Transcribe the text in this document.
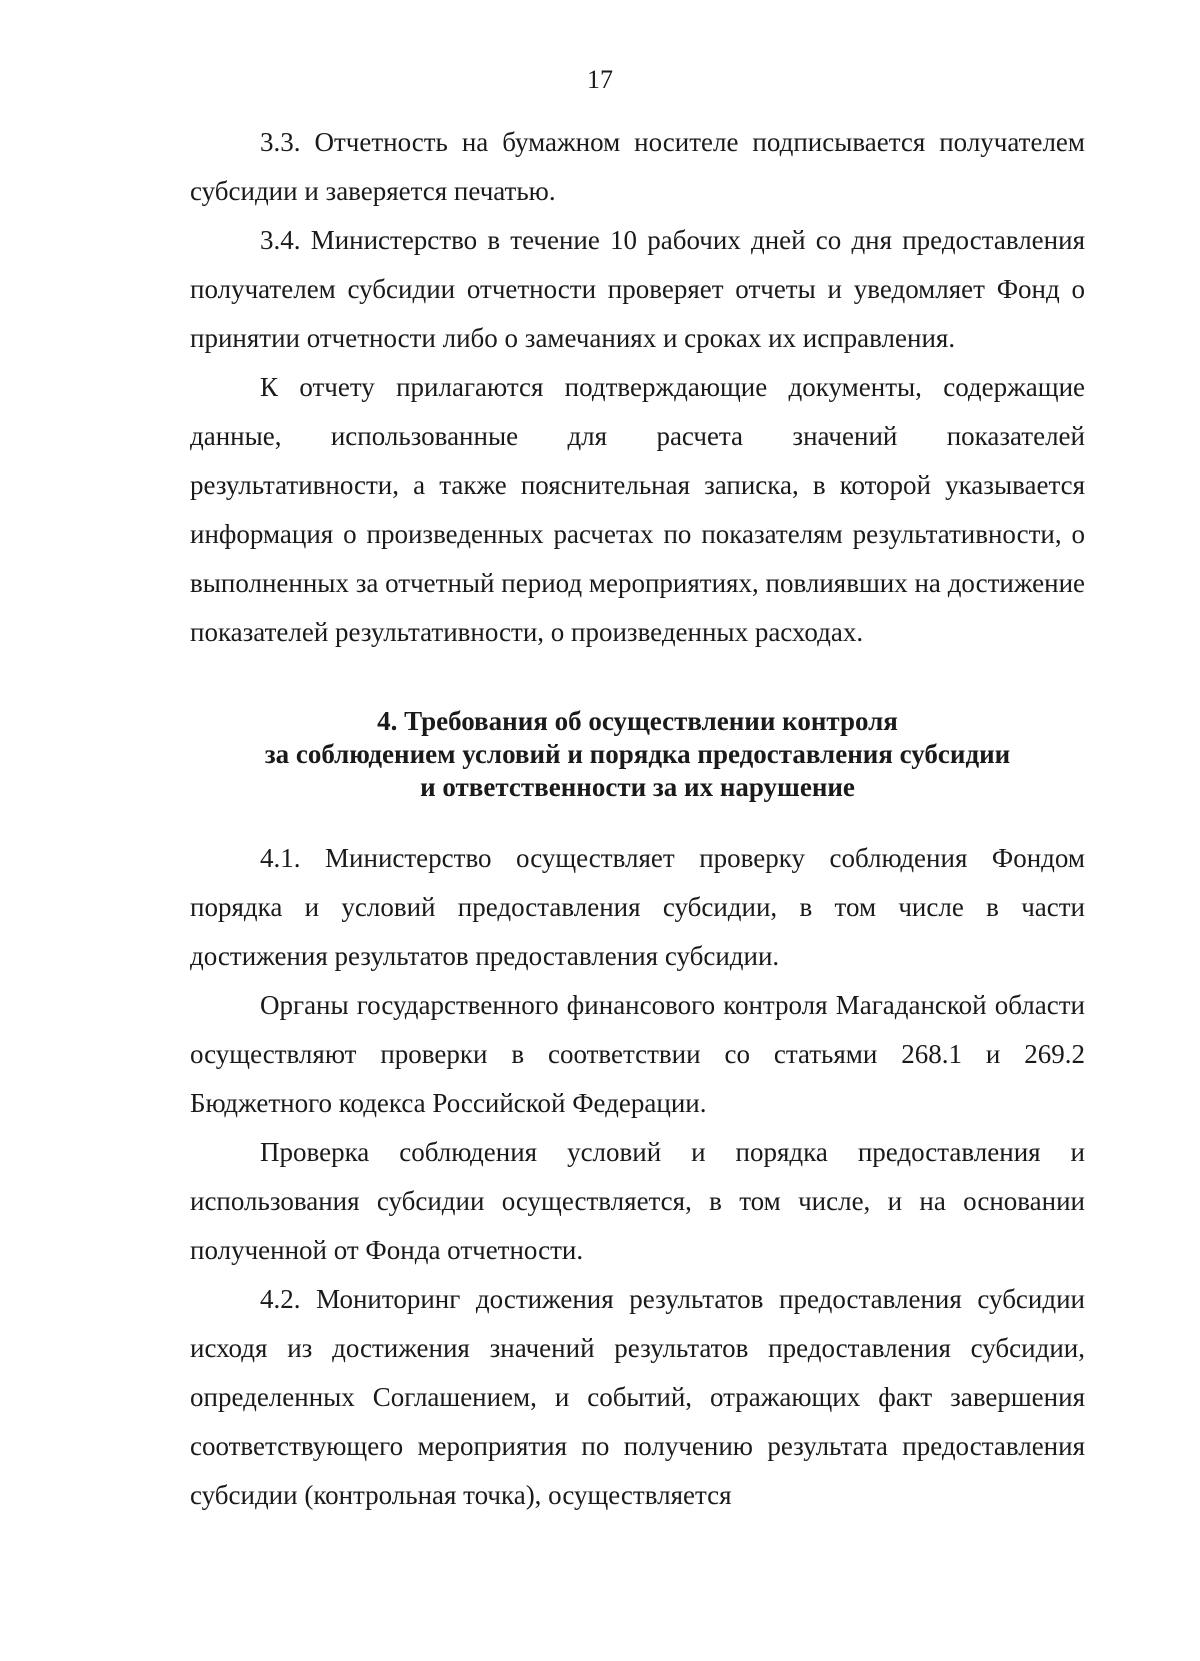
17

3.3. Отчетность на бумажном носителе подписывается получателем субсидии и заверяется печатью.

3.4. Министерство в течение 10 рабочих дней со дня предоставления получателем субсидии отчетности проверяет отчеты и уведомляет Фонд о принятии отчетности либо о замечаниях и сроках их исправления.

К отчету прилагаются подтверждающие документы, содержащие данные, использованные для расчета значений показателей результативности, а также пояснительная записка, в которой указывается информация о произведенных расчетах по показателям результативности, о выполненных за отчетный период мероприятиях, повлиявших на достижение показателей результативности, о произведенных расходах.

4. Требования об осуществлении контроля
за соблюдением условий и порядка предоставления субсидии
и ответственности за их нарушение

4.1. Министерство осуществляет проверку соблюдения Фондом порядка и условий предоставления субсидии, в том числе в части достижения результатов предоставления субсидии.

Органы государственного финансового контроля Магаданской области осуществляют проверки в соответствии со статьями 268.1 и 269.2 Бюджетного кодекса Российской Федерации.

Проверка соблюдения условий и порядка предоставления и использования субсидии осуществляется, в том числе, и на основании полученной от Фонда отчетности.

4.2. Мониторинг достижения результатов предоставления субсидии исходя из достижения значений результатов предоставления субсидии, определенных Соглашением, и событий, отражающих факт завершения соответствующего мероприятия по получению результата предоставления субсидии (контрольная точка), осуществляется
